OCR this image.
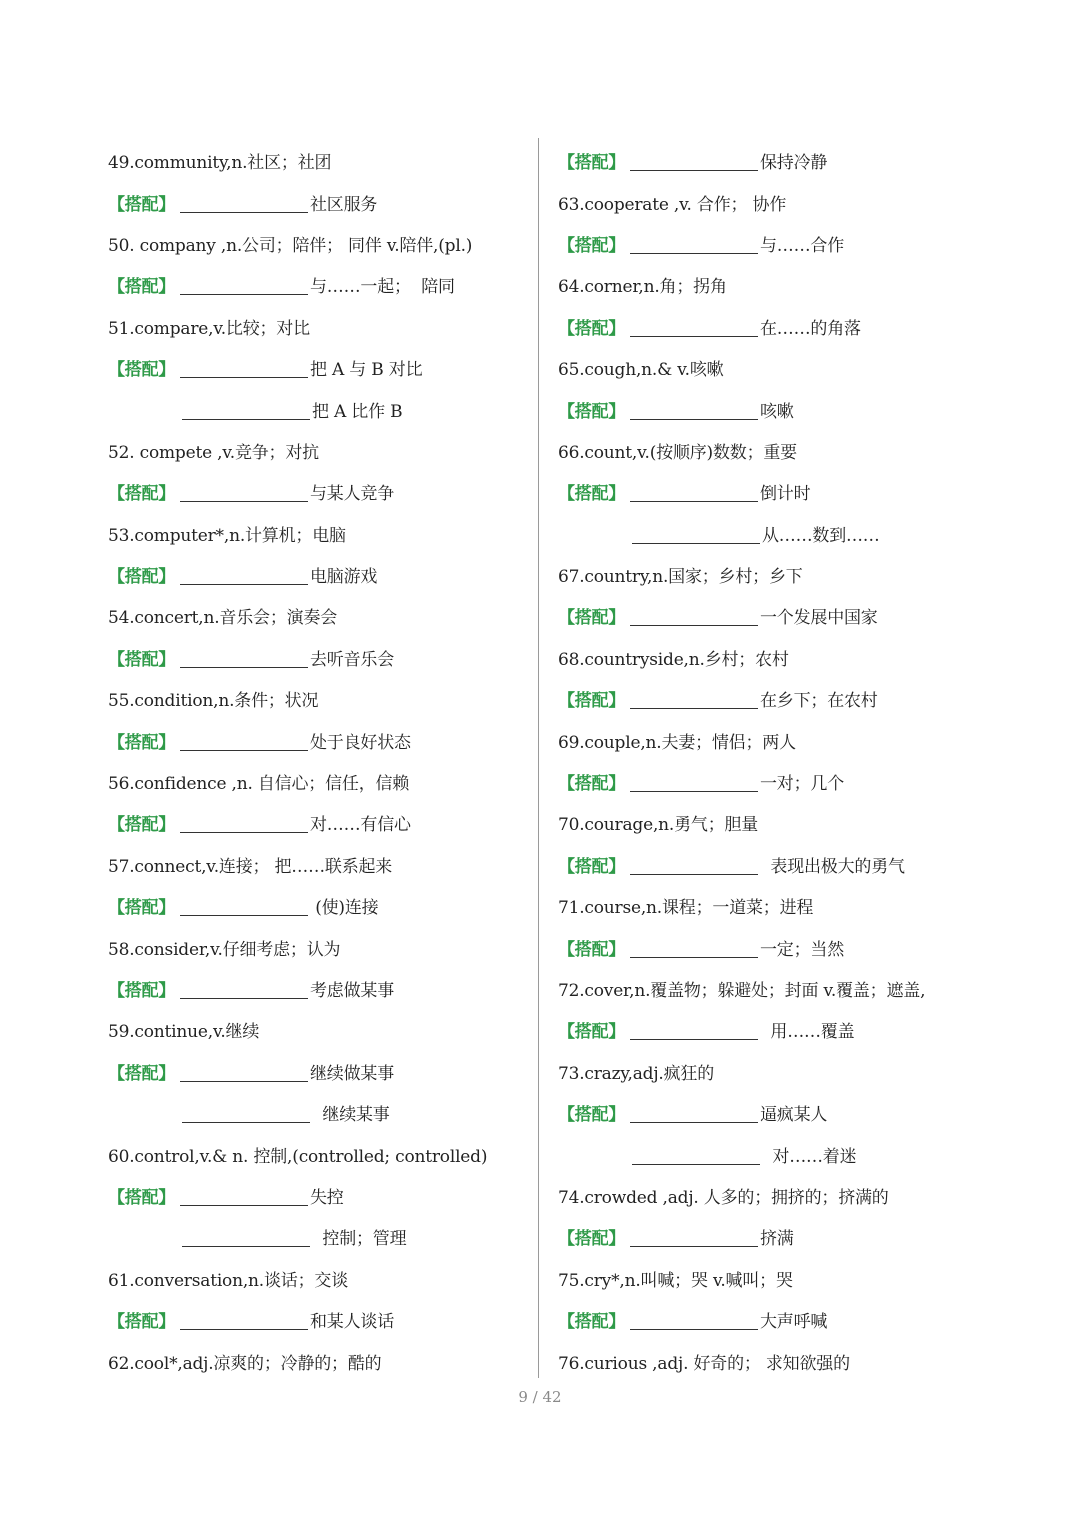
49.community,n.社区；社团
【搭配】	社区服务
50. company ,n.公司；陪伴； 同伴 v.陪伴,(pl.)
【搭配】	与……一起；  陪同
51.compare,v.比较；对比
【搭配】	把 A 与 B 对比
把 A 比作 B
52. compete ,v.竞争；对抗
【搭配】	与某人竞争
53.computer*,n.计算机；电脑
【搭配】	电脑游戏
54.concert,n.音乐会；演奏会
【搭配】	去听音乐会
55.condition,n.条件；状况
【搭配】	处于良好状态
56.confidence ,n. 自信心；信任，信赖
【搭配】	对……有信心
57.connect,v.连接； 把……联系起来
【搭配】	(使)连接
58.consider,v.仔细考虑；认为
【搭配】	考虑做某事
59.continue,v.继续
【搭配】	继续做某事
继续某事
60.control,v.& n. 控制,(controlled; controlled)
【搭配】	失控
控制；管理
61.conversation,n.谈话；交谈
【搭配】	和某人谈话
62.cool*,adj.凉爽的；冷静的；酷的
【搭配】	保持冷静
63.cooperate ,v. 合作； 协作
【搭配】	与……合作
64.corner,n.角；拐角
【搭配】	在……的角落
65.cough,n.& v.咳嗽
【搭配】	咳嗽
66.count,v.(按顺序)数数；重要
【搭配】	倒计时
从……数到……
67.country,n.国家；乡村；乡下
【搭配】	一个发展中国家
68.countryside,n.乡村；农村
【搭配】	在乡下；在农村
69.couple,n.夫妻；情侣；两人
【搭配】	一对；几个
70.courage,n.勇气；胆量
【搭配】	表现出极大的勇气
71.course,n.课程；一道菜；进程
【搭配】	一定；当然
72.cover,n.覆盖物；躲避处；封面 v.覆盖；遮盖,
【搭配】	用……覆盖
73.crazy,adj.疯狂的
【搭配】	逼疯某人
对……着迷
74.crowded ,adj. 人多的；拥挤的；挤满的
【搭配】	挤满
75.cry*,n.叫喊；哭 v.喊叫；哭
【搭配】	大声呼喊
76.curious ,adj. 好奇的； 求知欲强的
9 / 42
